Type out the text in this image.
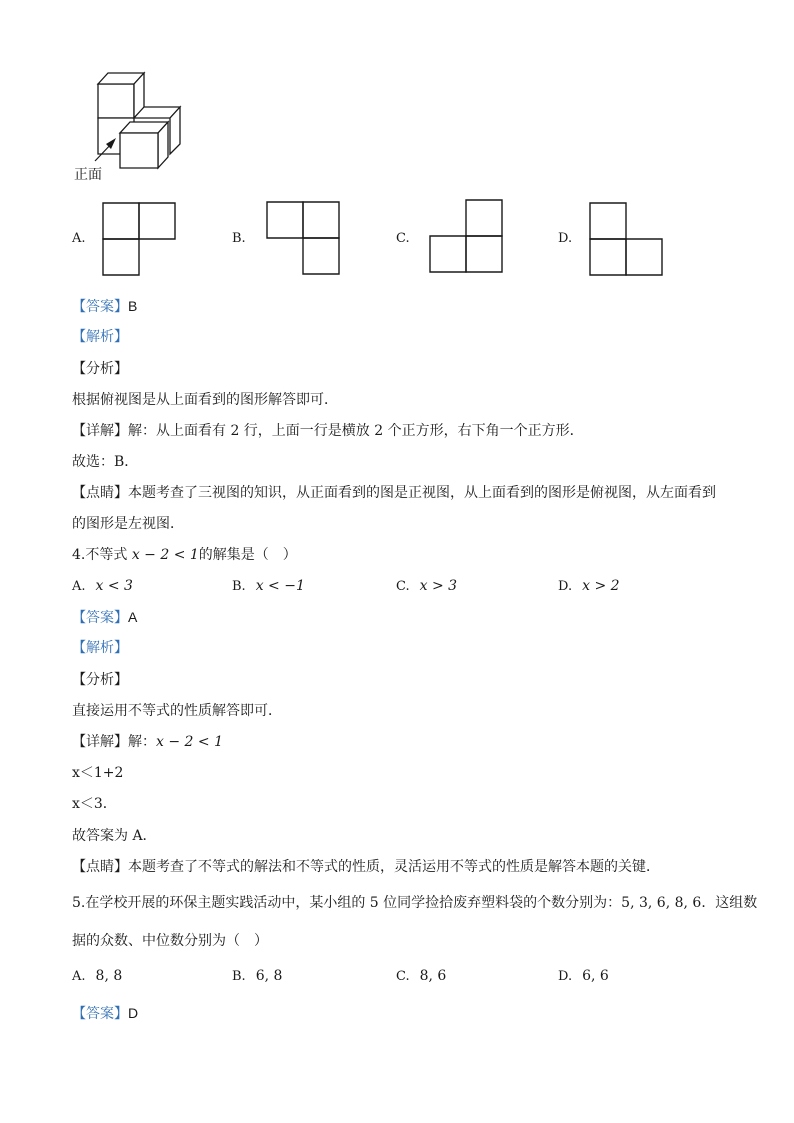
正面
A.	B.	C.	D.
【答案】B
【解析】
【分析】
根据俯视图是从上面看到的图形解答即可．
【详解】解：从上面看有 2 行，上面一行是横放 2 个正方形，右下角一个正方形．
故选：B．
【点睛】本题考查了三视图的知识，从正面看到的图是正视图，从上面看到的图形是俯视图，从左面看到
的图形是左视图．
4.不等式 x − 2 < 1的解集是（　）
A. x < 3	B. x < −1	C. x > 3	D. x > 2
【答案】A
【解析】
【分析】
直接运用不等式的性质解答即可．
【详解】解：x − 2 < 1
x＜1+2
x＜3．
故答案为 A．
【点睛】本题考查了不等式的解法和不等式的性质，灵活运用不等式的性质是解答本题的关键．
5.在学校开展的环保主题实践活动中，某小组的 5 位同学捡拾废弃塑料袋的个数分别为：5, 3, 6, 8, 6．这组数
据的众数、中位数分别为（　）
A. 8, 8	B. 6, 8	C. 8, 6	D. 6, 6
【答案】D
